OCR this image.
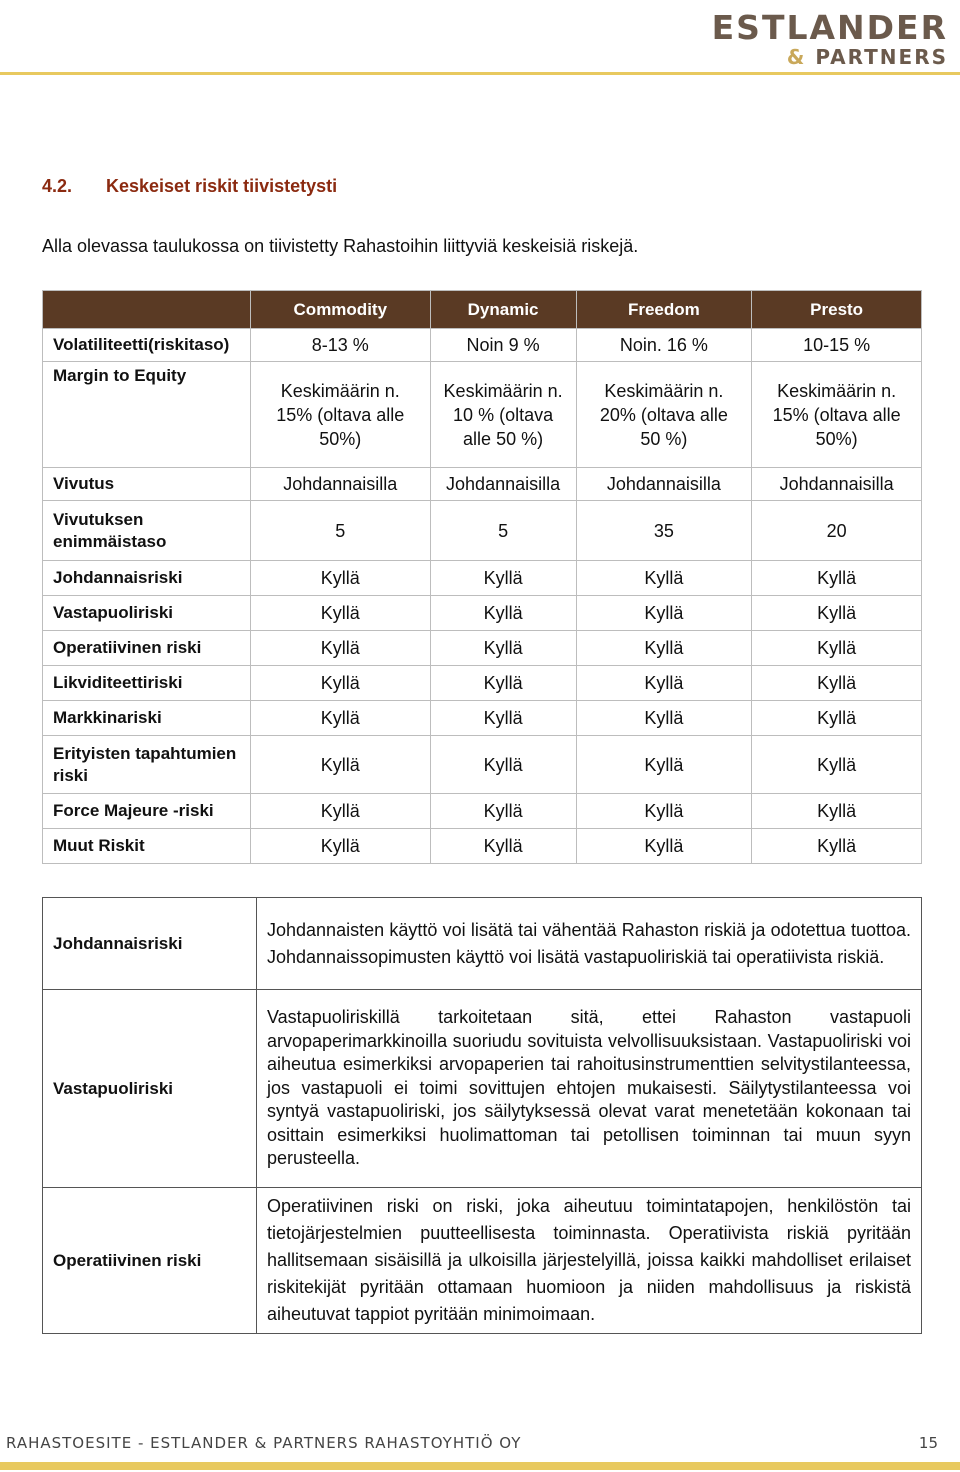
ESTLANDER
& PARTNERS
4.2. Keskeiset riskit tiivistetysti
Alla olevassa taulukossa on tiivistetty Rahastoihin liittyviä keskeisiä riskejä.
	Commodity	Dynamic	Freedom	Presto
Volatiliteetti(riskitaso)	8-13 %	Noin 9 %	Noin. 16 %	10-15 %
Margin to Equity	Keskimäärin n. 15% (oltava alle 50%)	Keskimäärin n. 10 % (oltava alle 50 %)	Keskimäärin n. 20% (oltava alle 50 %)	Keskimäärin n. 15% (oltava alle 50%)
Vivutus	Johdannaisilla	Johdannaisilla	Johdannaisilla	Johdannaisilla
Vivutuksen enimmäistaso	5	5	35	20
Johdannaisriski	Kyllä	Kyllä	Kyllä	Kyllä
Vastapuoliriski	Kyllä	Kyllä	Kyllä	Kyllä
Operatiivinen riski	Kyllä	Kyllä	Kyllä	Kyllä
Likviditeettiriski	Kyllä	Kyllä	Kyllä	Kyllä
Markkinariski	Kyllä	Kyllä	Kyllä	Kyllä
Erityisten tapahtumien riski	Kyllä	Kyllä	Kyllä	Kyllä
Force Majeure -riski	Kyllä	Kyllä	Kyllä	Kyllä
Muut Riskit	Kyllä	Kyllä	Kyllä	Kyllä
Johdannaisriski	Johdannaisten käyttö voi lisätä tai vähentää Rahaston riskiä ja odotettua tuottoa. Johdannaissopimusten käyttö voi lisätä vastapuoliriskiä tai operatiivista riskiä.
Vastapuoliriski	Vastapuoliriskillä tarkoitetaan sitä, ettei Rahaston vastapuoli arvopaperimarkkinoilla suoriudu sovituista velvollisuuksistaan. Vastapuoliriski voi aiheutua esimerkiksi arvopaperien tai rahoitusinstrumenttien selvitystilanteessa, jos vastapuoli ei toimi sovittujen ehtojen mukaisesti. Säilytystilanteessa voi syntyä vastapuoliriski, jos säilytyksessä olevat varat menetetään kokonaan tai osittain esimerkiksi huolimattoman tai petollisen toiminnan tai muun syyn perusteella.
Operatiivinen riski	Operatiivinen riski on riski, joka aiheutuu toimintatapojen, henkilöstön tai tietojärjestelmien puutteellisesta toiminnasta. Operatiivista riskiä pyritään hallitsemaan sisäisillä ja ulkoisilla järjestelyillä, joissa kaikki mahdolliset erilaiset riskitekijät pyritään ottamaan huomioon ja niiden mahdollisuus ja riskistä aiheutuvat tappiot pyritään minimoimaan.
RAHASTOESITE - ESTLANDER & PARTNERS RAHASTOYHTIÖ OY	15
